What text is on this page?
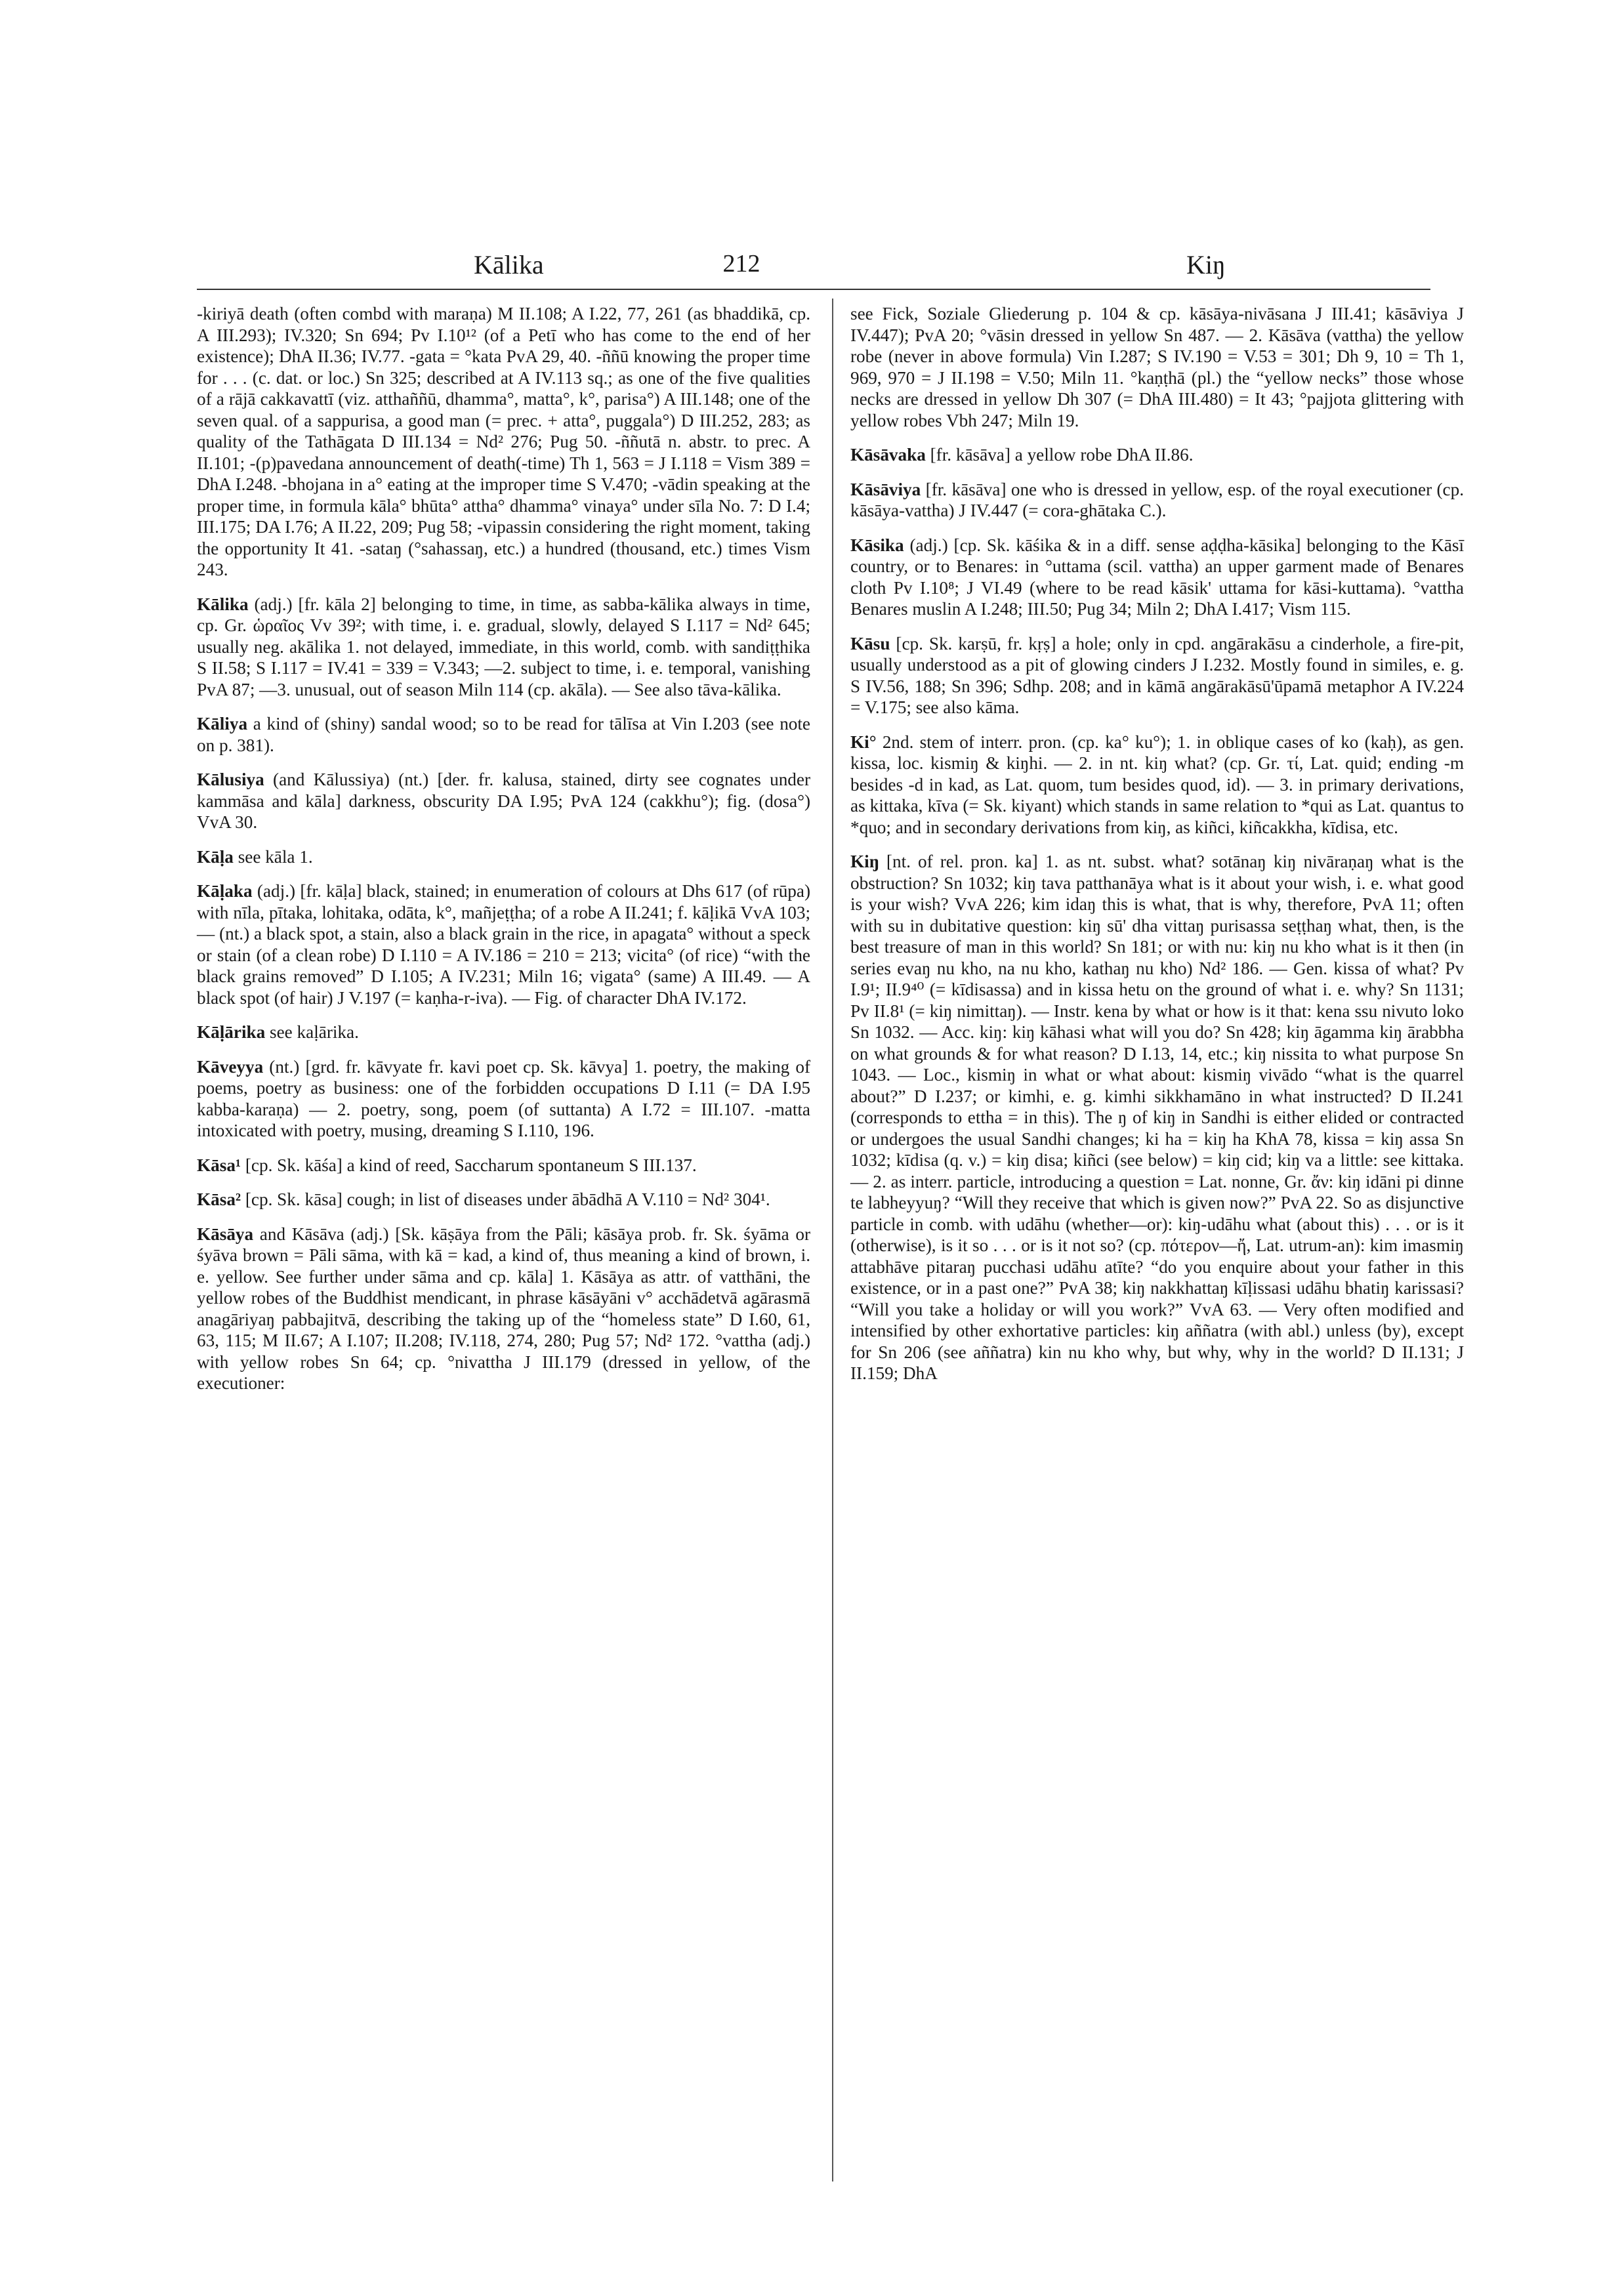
Kālika	212	Kiŋ

-kiriyā death (often combd with maraṇa) M II.108; A I.22, 77, 261 (as bhaddikā, cp. A III.293); IV.320; Sn 694; Pv I.10¹² (of a Petī who has come to the end of her existence); DhA II.36; IV.77. -gata = °kata PvA 29, 40. -ññū knowing the proper time for . . . (c. dat. or loc.) Sn 325; described at A IV.113 sq.; as one of the five qualities of a rājā cakkavattī (viz. atthaññū, dhamma°, matta°, k°, parisa°) A III.148; one of the seven qual. of a sappurisa, a good man (= prec. + atta°, puggala°) D III.252, 283; as quality of the Tathāgata D III.134 = Nd² 276; Pug 50. -ññutā n. abstr. to prec. A II.101; -(p)pavedana announcement of death(-time) Th 1, 563 = J I.118 = Vism 389 = DhA I.248. -bhojana in a° eating at the improper time S V.470; -vādin speaking at the proper time, in formula kāla° bhūta° attha° dhamma° vinaya° under sīla No. 7: D I.4; III.175; DA I.76; A II.22, 209; Pug 58; -vipassin considering the right moment, taking the opportunity It 41. -sataŋ (°sahassaŋ, etc.) a hundred (thousand, etc.) times Vism 243.

Kālika (adj.) [fr. kāla 2] belonging to time, in time, as sabba-kālika always in time, cp. Gr. ὡραῖος Vv 39²; with time, i. e. gradual, slowly, delayed S I.117 = Nd² 645; usually neg. akālika 1. not delayed, immediate, in this world, comb. with sandiṭṭhika S II.58; S I.117 = IV.41 = 339 = V.343; —2. subject to time, i. e. temporal, vanishing PvA 87; —3. unusual, out of season Miln 114 (cp. akāla). — See also tāva-kālika.

Kāliya a kind of (shiny) sandal wood; so to be read for tālīsa at Vin I.203 (see note on p. 381).

Kālusiya (and Kālussiya) (nt.) [der. fr. kalusa, stained, dirty see cognates under kammāsa and kāla] darkness, obscurity DA I.95; PvA 124 (cakkhu°); fig. (dosa°) VvA 30.

Kāḷa see kāla 1.

Kāḷaka (adj.) [fr. kāḷa] black, stained; in enumeration of colours at Dhs 617 (of rūpa) with nīla, pītaka, lohitaka, odāta, k°, mañjeṭṭha; of a robe A II.241; f. kāḷikā VvA 103; — (nt.) a black spot, a stain, also a black grain in the rice, in apagata° without a speck or stain (of a clean robe) D I.110 = A IV.186 = 210 = 213; vicita° (of rice) “with the black grains removed” D I.105; A IV.231; Miln 16; vigata° (same) A III.49. — A black spot (of hair) J V.197 (= kaṇha-r-iva). — Fig. of character DhA IV.172.

Kāḷārika see kaḷārika.

Kāveyya (nt.) [grd. fr. kāvyate fr. kavi poet cp. Sk. kāvya] 1. poetry, the making of poems, poetry as business: one of the forbidden occupations D I.11 (= DA I.95 kabba-karaṇa) — 2. poetry, song, poem (of suttanta) A I.72 = III.107. -matta intoxicated with poetry, musing, dreaming S I.110, 196.

Kāsa¹ [cp. Sk. kāśa] a kind of reed, Saccharum spontaneum S III.137.

Kāsa² [cp. Sk. kāsa] cough; in list of diseases under ābādhā A V.110 = Nd² 304¹.

Kāsāya and Kāsāva (adj.) [Sk. kāṣāya from the Pāli; kāsāya prob. fr. Sk. śyāma or śyāva brown = Pāli sāma, with kā = kad, a kind of, thus meaning a kind of brown, i. e. yellow. See further under sāma and cp. kāla] 1. Kāsāya as attr. of vatthāni, the yellow robes of the Buddhist mendicant, in phrase kāsāyāni v° acchādetvā agārasmā anagāriyaŋ pabbajitvā, describing the taking up of the “homeless state” D I.60, 61, 63, 115; M II.67; A I.107; II.208; IV.118, 274, 280; Pug 57; Nd² 172. °vattha (adj.) with yellow robes Sn 64; cp. °nivattha J III.179 (dressed in yellow, of the executioner:

see Fick, Soziale Gliederung p. 104 & cp. kāsāya-nivāsana J III.41; kāsāviya J IV.447); PvA 20; °vāsin dressed in yellow Sn 487. — 2. Kāsāva (vattha) the yellow robe (never in above formula) Vin I.287; S IV.190 = V.53 = 301; Dh 9, 10 = Th 1, 969, 970 = J II.198 = V.50; Miln 11. °kaṇṭhā (pl.) the “yellow necks” those whose necks are dressed in yellow Dh 307 (= DhA III.480) = It 43; °pajjota glittering with yellow robes Vbh 247; Miln 19.

Kāsāvaka [fr. kāsāva] a yellow robe DhA II.86.

Kāsāviya [fr. kāsāva] one who is dressed in yellow, esp. of the royal executioner (cp. kāsāya-vattha) J IV.447 (= cora-ghātaka C.).

Kāsika (adj.) [cp. Sk. kāśika & in a diff. sense aḍḍha-kāsika] belonging to the Kāsī country, or to Benares: in °uttama (scil. vattha) an upper garment made of Benares cloth Pv I.10⁸; J VI.49 (where to be read kāsik' uttama for kāsi-kuttama). °vattha Benares muslin A I.248; III.50; Pug 34; Miln 2; DhA I.417; Vism 115.

Kāsu [cp. Sk. karṣū, fr. kṛṣ] a hole; only in cpd. angārakāsu a cinderhole, a fire-pit, usually understood as a pit of glowing cinders J I.232. Mostly found in similes, e. g. S IV.56, 188; Sn 396; Sdhp. 208; and in kāmā angārakāsū'ūpamā metaphor A IV.224 = V.175; see also kāma.

Ki° 2nd. stem of interr. pron. (cp. ka° ku°); 1. in oblique cases of ko (kaḥ), as gen. kissa, loc. kismiŋ & kiŋhi. — 2. in nt. kiŋ what? (cp. Gr. τί, Lat. quid; ending -m besides -d in kad, as Lat. quom, tum besides quod, id). — 3. in primary derivations, as kittaka, kīva (= Sk. kiyant) which stands in same relation to *qui as Lat. quantus to *quo; and in secondary derivations from kiŋ, as kiñci, kiñcakkha, kīdisa, etc.

Kiŋ [nt. of rel. pron. ka] 1. as nt. subst. what? sotānaŋ kiŋ nivāraṇaŋ what is the obstruction? Sn 1032; kiŋ tava patthanāya what is it about your wish, i. e. what good is your wish? VvA 226; kim idaŋ this is what, that is why, therefore, PvA 11; often with su in dubitative question: kiŋ sū' dha vittaŋ purisassa seṭṭhaŋ what, then, is the best treasure of man in this world? Sn 181; or with nu: kiŋ nu kho what is it then (in series evaŋ nu kho, na nu kho, kathaŋ nu kho) Nd² 186. — Gen. kissa of what? Pv I.9¹; II.9⁴⁰ (= kīdisassa) and in kissa hetu on the ground of what i. e. why? Sn 1131; Pv II.8¹ (= kiŋ nimittaŋ). — Instr. kena by what or how is it that: kena ssu nivuto loko Sn 1032. — Acc. kiŋ: kiŋ kāhasi what will you do? Sn 428; kiŋ āgamma kiŋ ārabbha on what grounds & for what reason? D I.13, 14, etc.; kiŋ nissita to what purpose Sn 1043. — Loc., kismiŋ in what or what about: kismiŋ vivādo “what is the quarrel about?” D I.237; or kimhi, e. g. kimhi sikkhamāno in what instructed? D II.241 (corresponds to ettha = in this). The ŋ of kiŋ in Sandhi is either elided or contracted or undergoes the usual Sandhi changes; ki ha = kiŋ ha KhA 78, kissa = kiŋ assa Sn 1032; kīdisa (q. v.) = kiŋ disa; kiñci (see below) = kiŋ cid; kiŋ va a little: see kittaka. — 2. as interr. particle, introducing a question = Lat. nonne, Gr. ἄν: kiŋ idāni pi dinne te labheyyuŋ? “Will they receive that which is given now?” PvA 22. So as disjunctive particle in comb. with udāhu (whether—or): kiŋ-udāhu what (about this) . . . or is it (otherwise), is it so . . . or is it not so? (cp. πότερον—ἤ, Lat. utrum-an): kim imasmiŋ attabhāve pitaraŋ pucchasi udāhu atīte? “do you enquire about your father in this existence, or in a past one?” PvA 38; kiŋ nakkhattaŋ kīḷissasi udāhu bhatiŋ karissasi? “Will you take a holiday or will you work?” VvA 63. — Very often modified and intensified by other exhortative particles: kiŋ aññatra (with abl.) unless (by), except for Sn 206 (see aññatra) kin nu kho why, but why, why in the world? D II.131; J II.159; DhA
